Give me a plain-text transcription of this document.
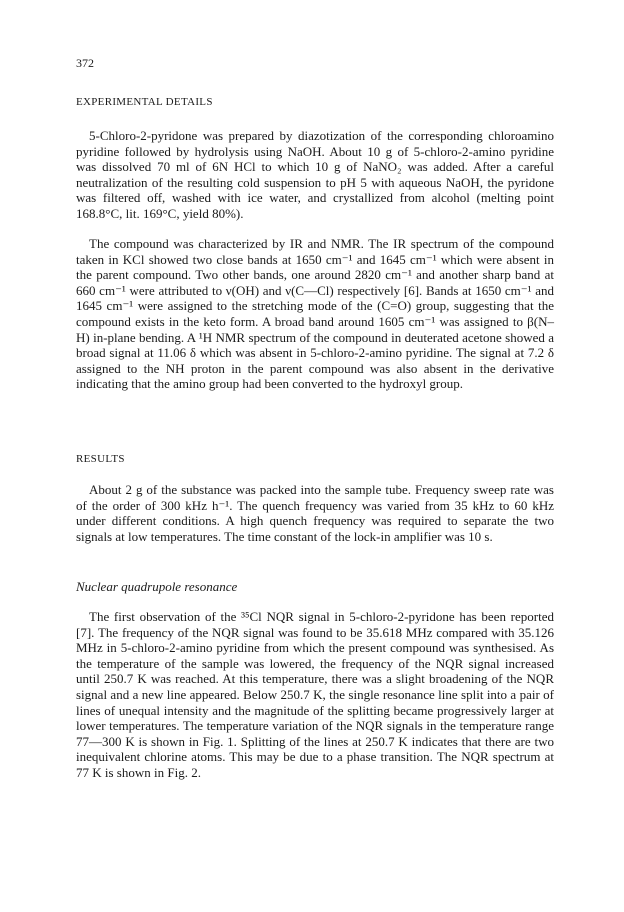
372
EXPERIMENTAL DETAILS

5-Chloro-2-pyridone was prepared by diazotization of the corresponding chloroamino pyridine followed by hydrolysis using NaOH. About 10 g of 5-chloro-2-amino pyridine was dissolved 70 ml of 6N HCl to which 10 g of NaNO₂ was added. After a careful neutralization of the resulting cold suspension to pH 5 with aqueous NaOH, the pyridone was filtered off, washed with ice water, and crystallized from alcohol (melting point 168.8°C, lit. 169°C, yield 80%).

The compound was characterized by IR and NMR. The IR spectrum of the compound taken in KCl showed two close bands at 1650 cm⁻¹ and 1645 cm⁻¹ which were absent in the parent compound. Two other bands, one around 2820 cm⁻¹ and another sharp band at 660 cm⁻¹ were attributed to ν(OH) and ν(C—Cl) respectively [6]. Bands at 1650 cm⁻¹ and 1645 cm⁻¹ were assigned to the stretching mode of the (C=O) group, suggesting that the compound exists in the keto form. A broad band around 1605 cm⁻¹ was assigned to β(N– H) in-plane bending. A ¹H NMR spectrum of the compound in deuterated acetone showed a broad signal at 11.06 δ which was absent in 5-chloro-2-amino pyridine. The signal at 7.2 δ assigned to the NH proton in the parent compound was also absent in the derivative indicating that the amino group had been converted to the hydroxyl group.

RESULTS

About 2 g of the substance was packed into the sample tube. Frequency sweep rate was of the order of 300 kHz h⁻¹. The quench frequency was varied from 35 kHz to 60 kHz under different conditions. A high quench frequency was required to separate the two signals at low temperatures. The time constant of the lock-in amplifier was 10 s.

Nuclear quadrupole resonance

The first observation of the ³⁵Cl NQR signal in 5-chloro-2-pyridone has been reported [7]. The frequency of the NQR signal was found to be 35.618 MHz compared with 35.126 MHz in 5-chloro-2-amino pyridine from which the present compound was synthesised. As the temperature of the sample was lowered, the frequency of the NQR signal increased until 250.7 K was reached. At this temperature, there was a slight broadening of the NQR signal and a new line appeared. Below 250.7 K, the single resonance line split into a pair of lines of unequal intensity and the magnitude of the splitting became progressively larger at lower temperatures. The temperature variation of the NQR signals in the temperature range 77—300 K is shown in Fig. 1. Splitting of the lines at 250.7 K indicates that there are two inequivalent chlorine atoms. This may be due to a phase transition. The NQR spectrum at 77 K is shown in Fig. 2.
